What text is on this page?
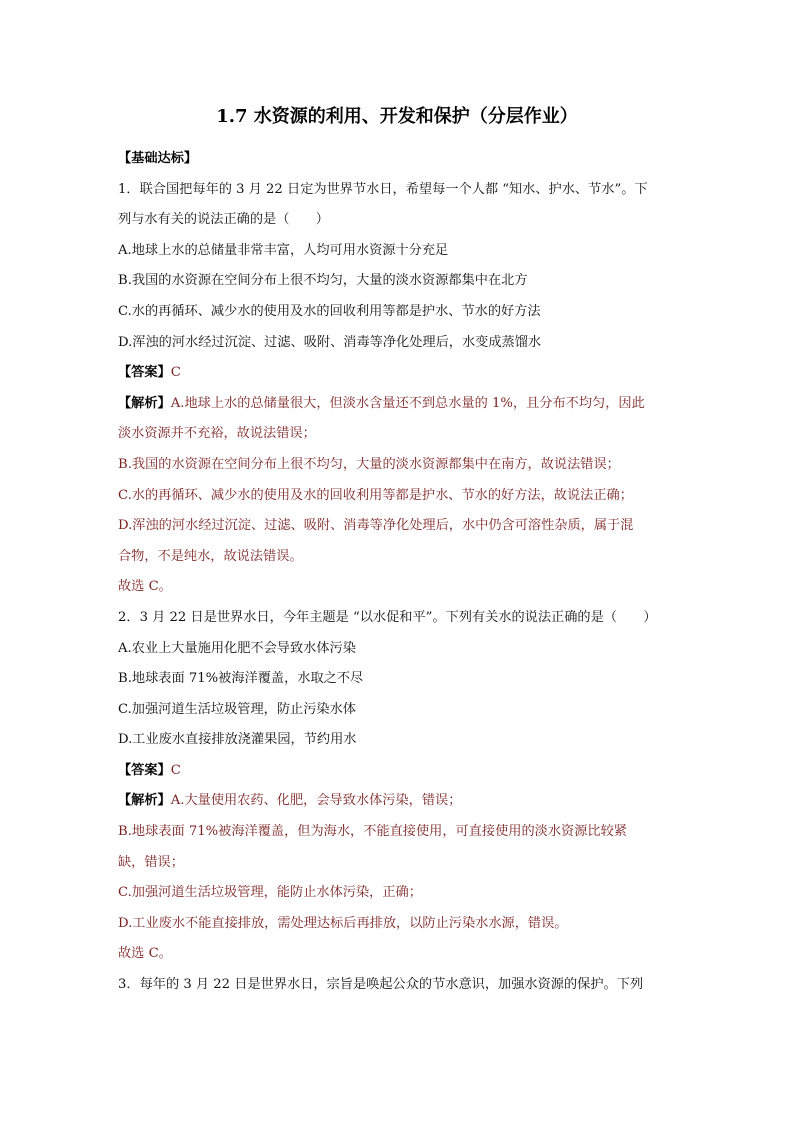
1.7 水资源的利用、开发和保护（分层作业）
【基础达标】
1．联合国把每年的 3 月 22 日定为世界节水日，希望每一个人都 “知水、护水、节水”。下
列与水有关的说法正确的是（　　）
A.地球上水的总储量非常丰富，人均可用水资源十分充足
B.我国的水资源在空间分布上很不均匀，大量的淡水资源都集中在北方
C.水的再循环、减少水的使用及水的回收利用等都是护水、节水的好方法
D.浑浊的河水经过沉淀、过滤、吸附、消毒等净化处理后，水变成蒸馏水
【答案】C
【解析】A.地球上水的总储量很大，但淡水含量还不到总水量的 1%，且分布不均匀，因此
淡水资源并不充裕，故说法错误；
B.我国的水资源在空间分布上很不均匀，大量的淡水资源都集中在南方，故说法错误；
C.水的再循环、减少水的使用及水的回收利用等都是护水、节水的好方法，故说法正确；
D.浑浊的河水经过沉淀、过滤、吸附、消毒等净化处理后，水中仍含可溶性杂质，属于混
合物，不是纯水，故说法错误。
故选 C。
2．3 月 22 日是世界水日，今年主题是 “以水促和平”。下列有关水的说法正确的是（　　）
A.农业上大量施用化肥不会导致水体污染
B.地球表面 71%被海洋覆盖，水取之不尽
C.加强河道生活垃圾管理，防止污染水体
D.工业废水直接排放浇灌果园，节约用水
【答案】C
【解析】A.大量使用农药、化肥，会导致水体污染，错误；
B.地球表面 71%被海洋覆盖，但为海水，不能直接使用，可直接使用的淡水资源比较紧
缺，错误；
C.加强河道生活垃圾管理，能防止水体污染，正确；
D.工业废水不能直接排放，需处理达标后再排放，以防止污染水水源，错误。
故选 C。
3．每年的 3 月 22 日是世界水日，宗旨是唤起公众的节水意识，加强水资源的保护。下列
